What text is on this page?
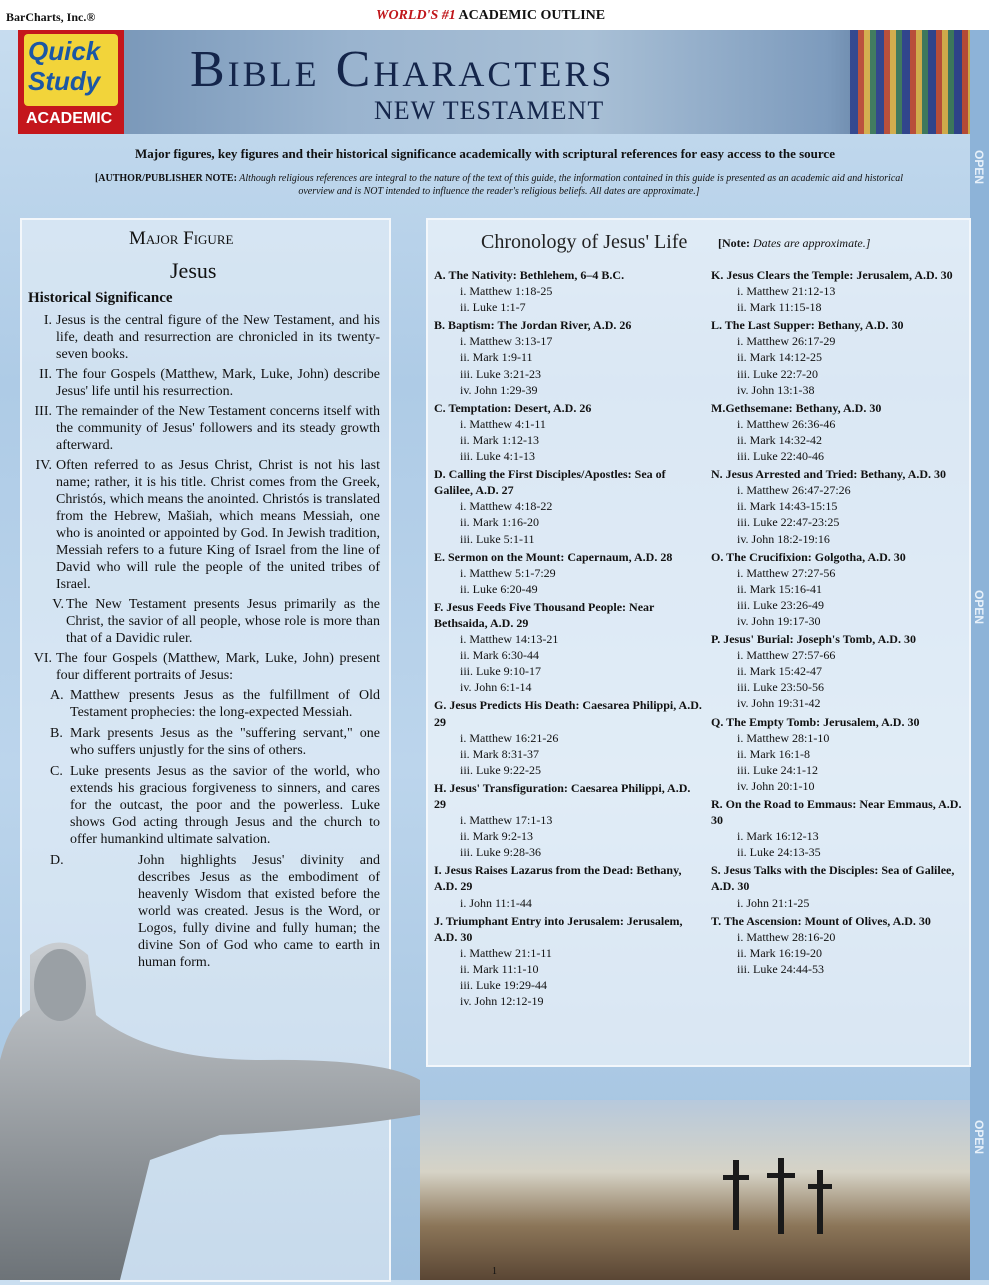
BarCharts, Inc.®	WORLD'S #1 ACADEMIC OUTLINE
Quick
Study
ACADEMIC
Bible Characters
NEW TESTAMENT
OPEN
OPEN
OPEN
Major figures, key figures and their historical significance academically with scriptural references for easy access to the source
[AUTHOR/PUBLISHER NOTE: Although religious references are integral to the nature of the text of this guide, the information contained in this guide is presented as an academic aid and historical overview and is NOT intended to influence the reader's religious beliefs. All dates are approximate.]
Major Figure
Jesus
Historical Significance
I. Jesus is the central figure of the New Testament, and his life, death and resurrection are chronicled in its twenty-seven books.
II. The four Gospels (Matthew, Mark, Luke, John) describe Jesus' life until his resurrection.
III. The remainder of the New Testament concerns itself with the community of Jesus' followers and its steady growth afterward.
IV. Often referred to as Jesus Christ, Christ is not his last name; rather, it is his title. Christ comes from the Greek, Christós, which means the anointed. Christós is translated from the Hebrew, Mašiah, which means Messiah, one who is anointed or appointed by God. In Jewish tradition, Messiah refers to a future King of Israel from the line of David who will rule the people of the united tribes of Israel.
V. The New Testament presents Jesus primarily as the Christ, the savior of all people, whose role is more than that of a Davidic ruler.
VI. The four Gospels (Matthew, Mark, Luke, John) present four different portraits of Jesus:
A. Matthew presents Jesus as the fulfillment of Old Testament prophecies: the long-expected Messiah.
B. Mark presents Jesus as the "suffering servant," one who suffers unjustly for the sins of others.
C. Luke presents Jesus as the savior of the world, who extends his gracious forgiveness to sinners, and cares for the outcast, the poor and the powerless. Luke shows God acting through Jesus and the church to offer humankind ultimate salvation.
D.	John highlights Jesus' divinity and describes Jesus as the embodiment of heavenly Wisdom that existed before the world was created. Jesus is the Word, or Logos, fully divine and fully human; the divine Son of God who came to earth in human form.
Chronology of Jesus' Life	[Note: Dates are approximate.]
A. The Nativity: Bethlehem, 6–4 B.C.
i. Matthew 1:18-25
ii. Luke 1:1-7
B. Baptism: The Jordan River, A.D. 26
i. Matthew 3:13-17
ii. Mark 1:9-11
iii. Luke 3:21-23
iv. John 1:29-39
C. Temptation: Desert, A.D. 26
i. Matthew 4:1-11
ii. Mark 1:12-13
iii. Luke 4:1-13
D. Calling the First Disciples/Apostles: Sea of Galilee, A.D. 27
i. Matthew 4:18-22
ii. Mark 1:16-20
iii. Luke 5:1-11
E. Sermon on the Mount: Capernaum, A.D. 28
i. Matthew 5:1-7:29
ii. Luke 6:20-49
F. Jesus Feeds Five Thousand People: Near Bethsaida, A.D. 29
i. Matthew 14:13-21
ii. Mark 6:30-44
iii. Luke 9:10-17
iv. John 6:1-14
G. Jesus Predicts His Death: Caesarea Philippi, A.D. 29
i. Matthew 16:21-26
ii. Mark 8:31-37
iii. Luke 9:22-25
H. Jesus' Transfiguration: Caesarea Philippi, A.D. 29
i. Matthew 17:1-13
ii. Mark 9:2-13
iii. Luke 9:28-36
I. Jesus Raises Lazarus from the Dead: Bethany, A.D. 29
i. John 11:1-44
J. Triumphant Entry into Jerusalem: Jerusalem, A.D. 30
i. Matthew 21:1-11
ii. Mark 11:1-10
iii. Luke 19:29-44
iv. John 12:12-19
K. Jesus Clears the Temple: Jerusalem, A.D. 30
i. Matthew 21:12-13
ii. Mark 11:15-18
L. The Last Supper: Bethany, A.D. 30
i. Matthew 26:17-29
ii. Mark 14:12-25
iii. Luke 22:7-20
iv. John 13:1-38
M.Gethsemane: Bethany, A.D. 30
i. Matthew 26:36-46
ii. Mark 14:32-42
iii. Luke 22:40-46
N. Jesus Arrested and Tried: Bethany, A.D. 30
i. Matthew 26:47-27:26
ii. Mark 14:43-15:15
iii. Luke 22:47-23:25
iv. John 18:2-19:16
O. The Crucifixion: Golgotha, A.D. 30
i. Matthew 27:27-56
ii. Mark 15:16-41
iii. Luke 23:26-49
iv. John 19:17-30
P. Jesus' Burial: Joseph's Tomb, A.D. 30
i. Matthew 27:57-66
ii. Mark 15:42-47
iii. Luke 23:50-56
iv. John 19:31-42
Q. The Empty Tomb: Jerusalem, A.D. 30
i. Matthew 28:1-10
ii. Mark 16:1-8
iii. Luke 24:1-12
iv. John 20:1-10
R. On the Road to Emmaus: Near Emmaus, A.D. 30
i. Mark 16:12-13
ii. Luke 24:13-35
S. Jesus Talks with the Disciples: Sea of Galilee, A.D. 30
i. John 21:1-25
T. The Ascension: Mount of Olives, A.D. 30
i. Matthew 28:16-20
ii. Mark 16:19-20
iii. Luke 24:44-53
1
